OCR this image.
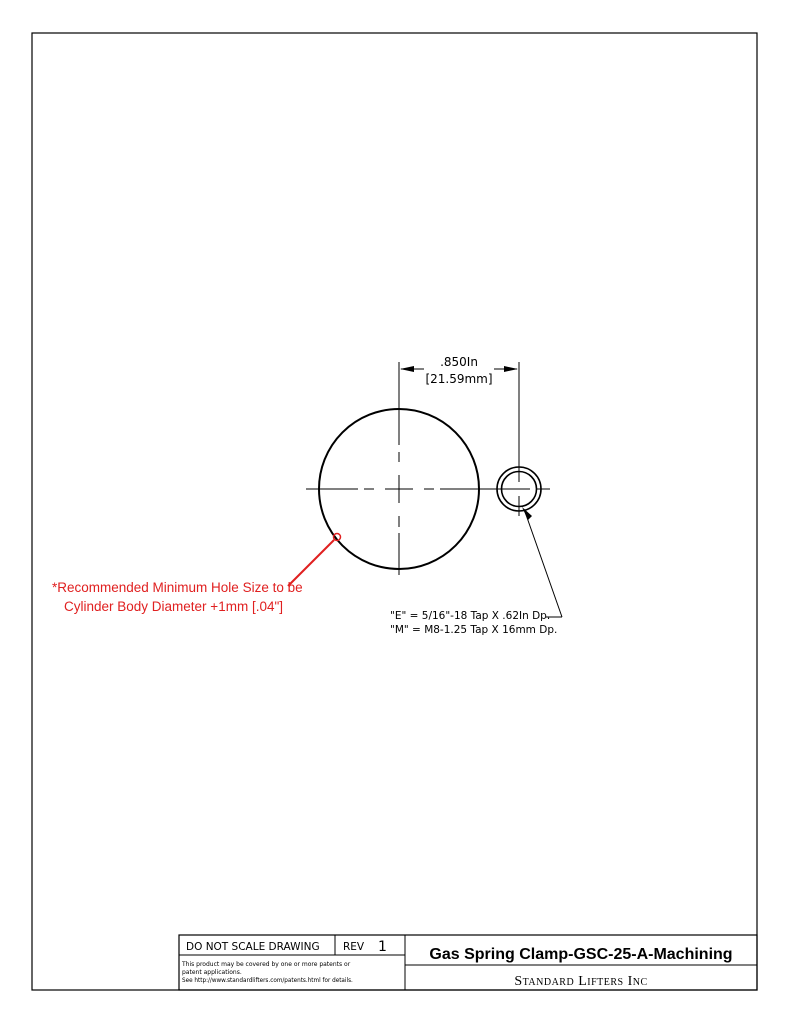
.850In
[21.59mm]
*Recommended Minimum Hole Size to be
Cylinder Body Diameter +1mm [.04"]
"E" = 5/16"-18 Tap X .62In Dp.
"M" = M8-1.25 Tap X 16mm Dp.
DO NOT SCALE DRAWING REV 1
This product may be covered by one or more patents or
patent applications.
See http://www.standardlifters.com/patents.html for details.
Gas Spring Clamp-GSC-25-A-Machining
Standard Lifters Inc
